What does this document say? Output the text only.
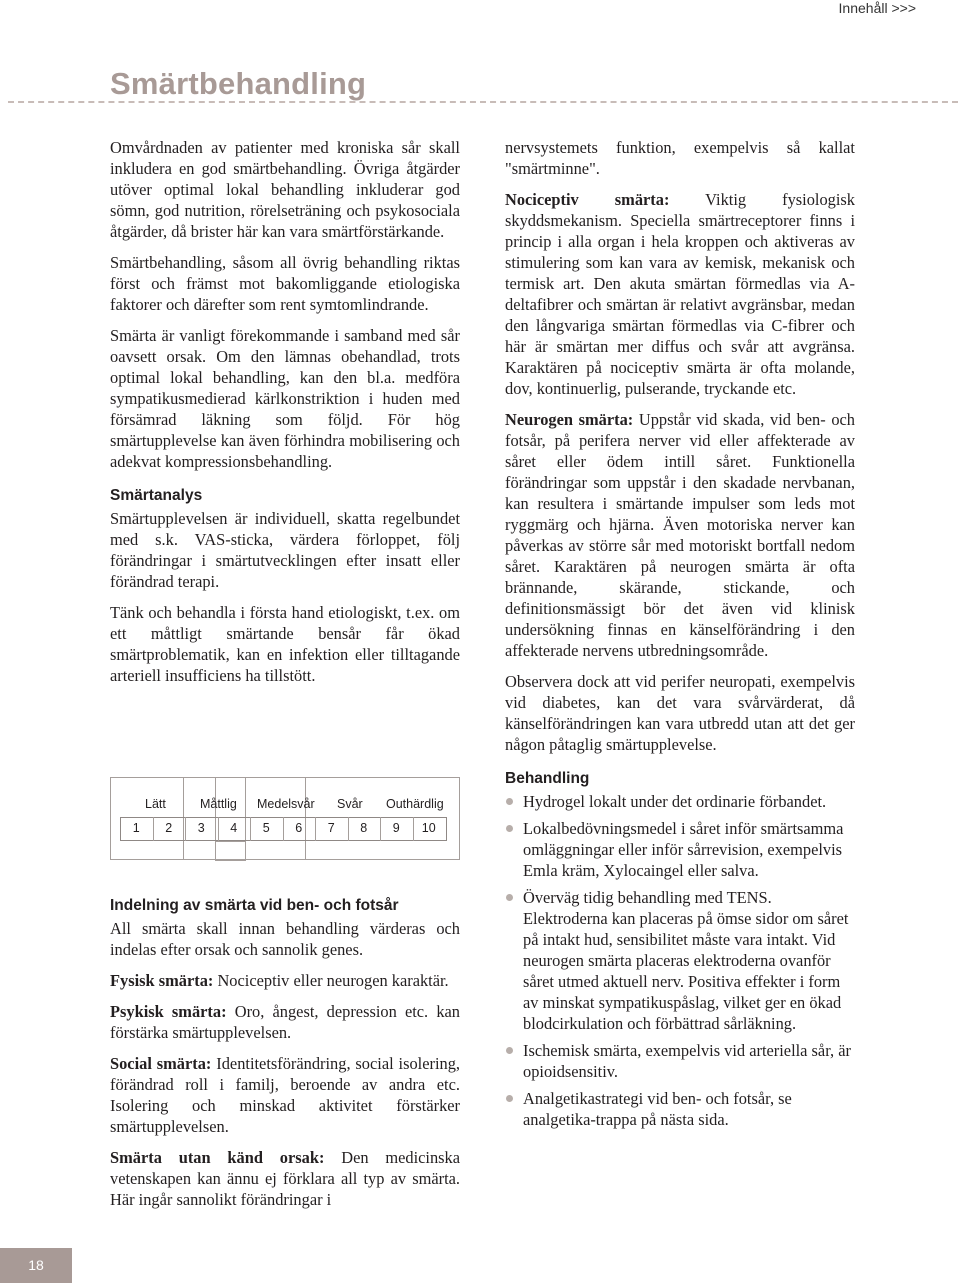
Innehåll >>>
Smärtbehandling

Omvårdnaden av patienter med kroniska sår skall inkludera en god smärtbehandling. Övriga åtgärder utöver optimal lokal behandling inkluderar god sömn, god nutrition, rörelseträning och psykosociala åtgärder, då brister här kan vara smärtförstärkande.

Smärtbehandling, såsom all övrig behandling riktas först och främst mot bakomliggande etiologiska faktorer och därefter som rent symtomlindrande.

Smärta är vanligt förekommande i samband med sår oavsett orsak. Om den lämnas obehandlad, trots optimal lokal behandling, kan den bl.a. medföra sympatikusmedierad kärlkonstriktion i huden med försämrad läkning som följd. För hög smärtupplevelse kan även förhindra mobilisering och adekvat kompressionsbehandling.

Smärtanalys

Smärtupplevelsen är individuell, skatta regelbundet med s.k. VAS-sticka, värdera förloppet, följ förändringar i smärtutvecklingen efter insatt eller förändrad terapi.

Tänk och behandla i första hand etiologiskt, t.ex. om ett måttligt smärtande bensår får ökad smärtproblematik, kan en infektion eller tilltagande arteriell insufficiens ha tillstött.

Lätt	Måttlig Medelsvår Svår Outhärdlig
1	2	3	4	5	6	7	8	9	10
Indelning av smärta vid ben- och fotsår

All smärta skall innan behandling värderas och indelas efter orsak och sannolik genes.

Fysisk smärta: Nociceptiv eller neurogen karaktär.

Psykisk smärta: Oro, ångest, depression etc. kan förstärka smärtupplevelsen.

Social smärta: Identitetsförändring, social isolering, förändrad roll i familj, beroende av andra etc. Isolering och minskad aktivitet förstärker smärtupplevelsen.

Smärta utan känd orsak: Den medicinska vetenskapen kan ännu ej förklara all typ av smärta. Här ingår sannolikt förändringar i

nervsystemets funktion, exempelvis så kallat "smärtminne".

Nociceptiv smärta: Viktig fysiologisk skyddsmekanism. Speciella smärtreceptorer finns i princip i alla organ i hela kroppen och aktiveras av stimulering som kan vara av kemisk, mekanisk och termisk art. Den akuta smärtan förmedlas via A-deltafibrer och smärtan är relativt avgränsbar, medan den långvariga smärtan förmedlas via C-fibrer och här är smärtan mer diffus och svår att avgränsa. Karaktären på nociceptiv smärta är ofta molande, dov, kontinuerlig, pulserande, tryckande etc.

Neurogen smärta: Uppstår vid skada, vid ben- och fotsår, på perifera nerver vid eller affekterade av såret eller ödem intill såret. Funktionella förändringar som uppstår i den skadade nervbanan, kan resultera i smärtande impulser som leds mot ryggmärg och hjärna. Även motoriska nerver kan påverkas av större sår med motoriskt bortfall nedom såret. Karaktären på neurogen smärta är ofta brännande, skärande, stickande, och definitionsmässigt bör det även vid klinisk undersökning finnas en känselförändring i den affekterade nervens utbredningsområde.

Observera dock att vid perifer neuropati, exempelvis vid diabetes, kan det vara svårvärderat, då känselförändringen kan vara utbredd utan att det ger någon påtaglig smärtupplevelse.

Behandling
Hydrogel lokalt under det ordinarie förbandet.
Lokalbedövningsmedel i såret inför smärtsamma omläggningar eller inför sårrevision, exempelvis Emla kräm, Xylocaingel eller salva.
Överväg tidig behandling med TENS. Elektroderna kan placeras på ömse sidor om såret på intakt hud, sensibilitet måste vara intakt. Vid neurogen smärta placeras elektroderna ovanför såret utmed aktuell nerv. Positiva effekter i form av minskat sympatikuspåslag, vilket ger en ökad blodcirkulation och förbättrad sårläkning.
Ischemisk smärta, exempelvis vid arteriella sår, är opioidsensitiv.
Analgetikastrategi vid ben- och fotsår, se analgetika-trappa på nästa sida.
18
